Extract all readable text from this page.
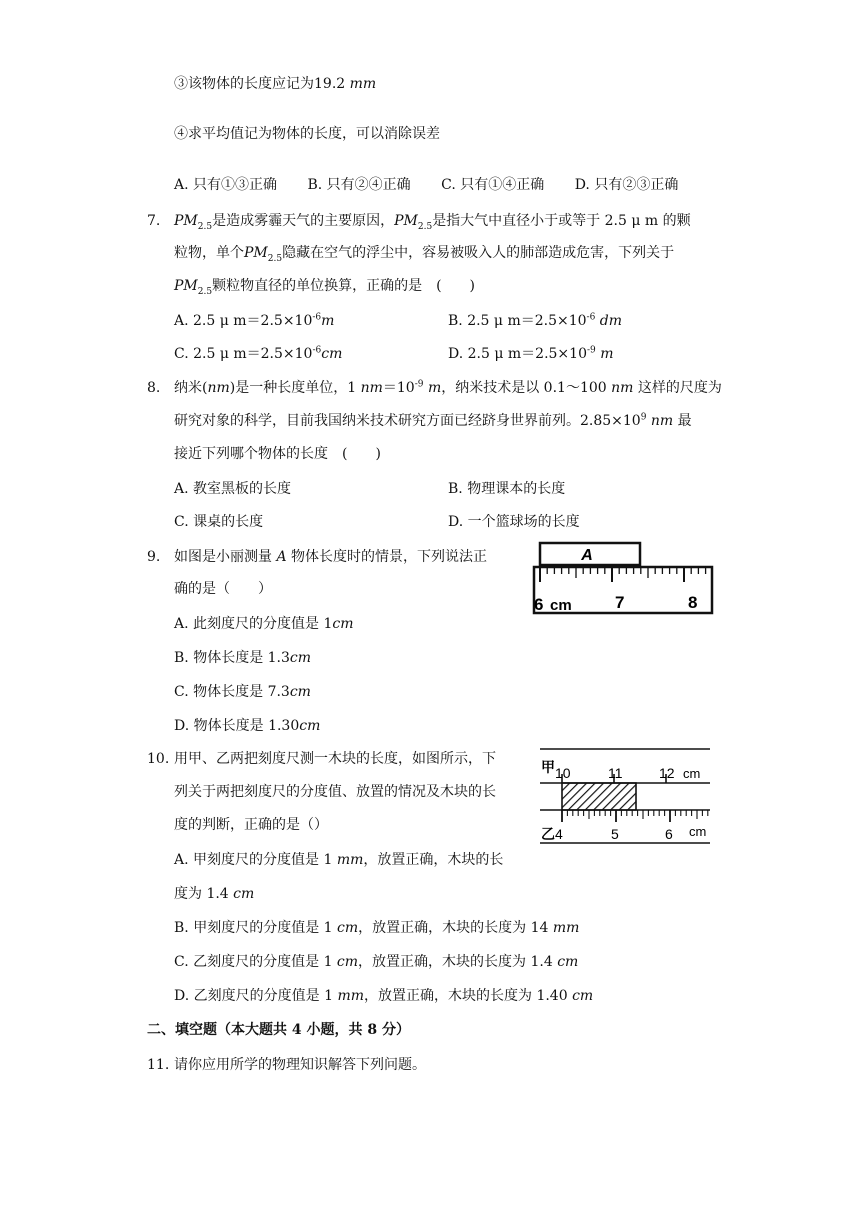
③该物体的长度应记为19.2 mm
④求平均值记为物体的长度，可以消除误差
A. 只有①③正确 B. 只有②④正确 C. 只有①④正确 D. 只有②③正确
7. $PM_{2.5}$是造成雾霾天气的主要原因，$PM_{2.5}$是指大气中直径小于或等于 2.5 μ m 的颗
粒物，单个$PM_{2.5}$隐藏在空气的浮尘中，容易被吸入人的肺部造成危害，下列关于
$PM_{2.5}$颗粒物直径的单位换算，正确的是　(　　)
A. 2.5 μ $m=2.5\times 10^{-6}m$	B. 2.5 μ $m=2.5\times 10^{-6}$ dm
C. 2.5 μ $m=2.5\times 10^{-6}cm$	D. 2.5 μ $m=2.5\times 10^{-9}$ m
8. 纳米(nm)是一种长度单位，1 $nm=10^{-9}$ m，纳米技术是以 0.1～100 nm 这样的尺度为
研究对象的科学，目前我国纳米技术研究方面已经跻身世界前列。$2.85\times 10^9$ nm 最
接近下列哪个物体的长度　(　　)
A. 教室黑板的长度	B. 物理课本的长度
C. 课桌的长度	D. 一个篮球场的长度
9. 如图是小丽测量 A 物体长度时的情景，下列说法正
确的是（　　）
A. 此刻度尺的分度值是 1cm
B. 物体长度是 1.3cm
C. 物体长度是 7.3cm
D. 物体长度是 1.30cm
A
6 cm	7	8
10. 用甲、乙两把刻度尺测一木块的长度，如图所示，下
列关于两把刻度尺的分度值、放置的情况及木块的长
度的判断，正确的是（）
A. 甲刻度尺的分度值是 1 mm，放置正确，木块的长
度为 1.4 cm
B. 甲刻度尺的分度值是 1 cm，放置正确，木块的长度为 14 mm
C. 乙刻度尺的分度值是 1 cm，放置正确，木块的长度为 1.4 cm
D. 乙刻度尺的分度值是 1 mm，放置正确，木块的长度为 1.40 cm
甲 10	11	12 cm
乙 4	5	6 cm
二、填空题（本大题共 4 小题，共 8 分）
11. 请你应用所学的物理知识解答下列问题。
